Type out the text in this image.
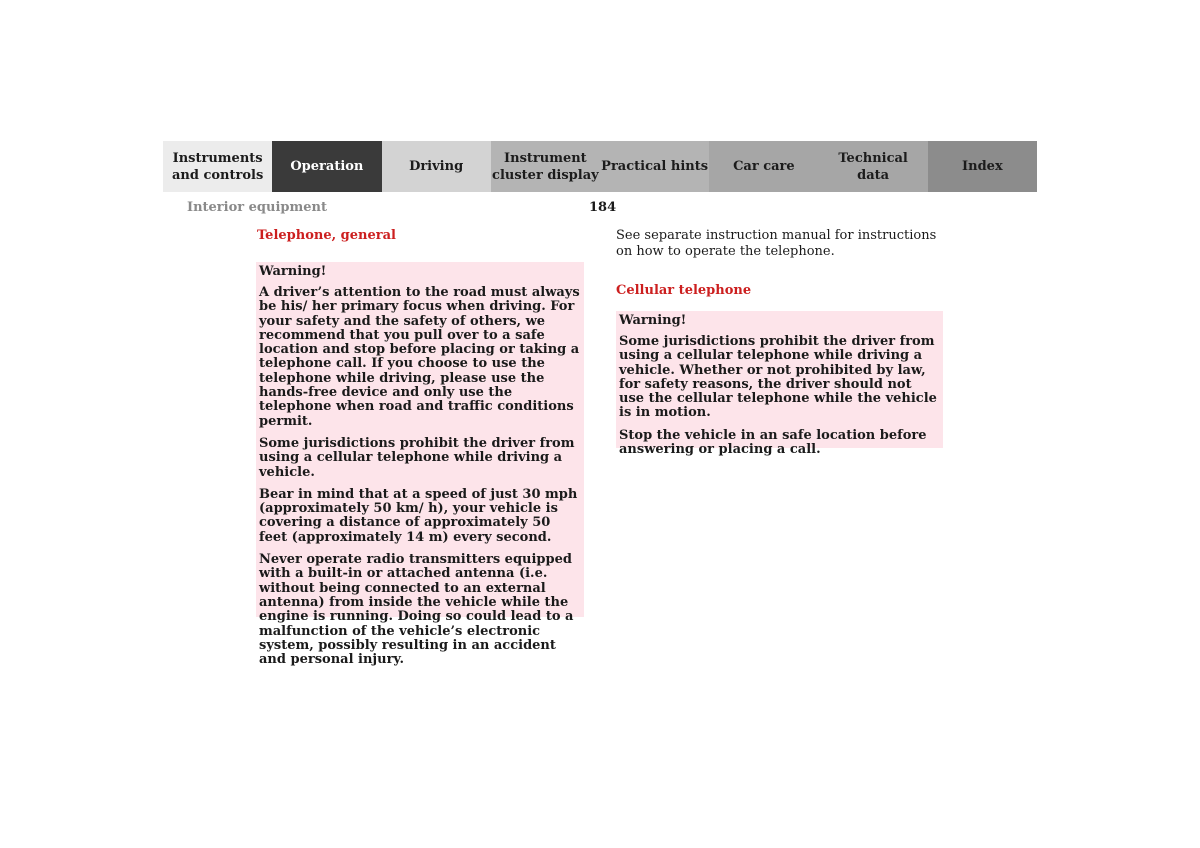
Instruments
and controls
Operation	Driving
Instrument
cluster display
Practical hints	Car care
Technical
data
Index
Interior equipment	184
Telephone, general
Warning!

A driver’s attention to the road must always be his/ her primary focus when driving. For your safety and the safety of others, we recommend that you pull over to a safe location and stop before placing or taking a telephone call. If you choose to use the telephone while driving, please use the hands-free device and only use the telephone when road and traffic conditions permit.

Some jurisdictions prohibit the driver from using a cellular telephone while driving a vehicle.

Bear in mind that at a speed of just 30 mph (approximately 50 km/ h), your vehicle is covering a distance of approximately 50 feet (approximately 14 m) every second.

Never operate radio transmitters equipped with a built-in or attached antenna (i.e. without being connected to an external antenna) from inside the vehicle while the engine is running. Doing so could lead to a malfunction of the vehicle’s electronic system, possibly resulting in an accident and personal injury.

See separate instruction manual for instructions on how to operate the telephone.
Cellular telephone
Warning!

Some jurisdictions prohibit the driver from using a cellular telephone while driving a vehicle. Whether or not prohibited by law, for safety reasons, the driver should not use the cellular telephone while the vehicle is in motion.

Stop the vehicle in an safe location before answering or placing a call.
